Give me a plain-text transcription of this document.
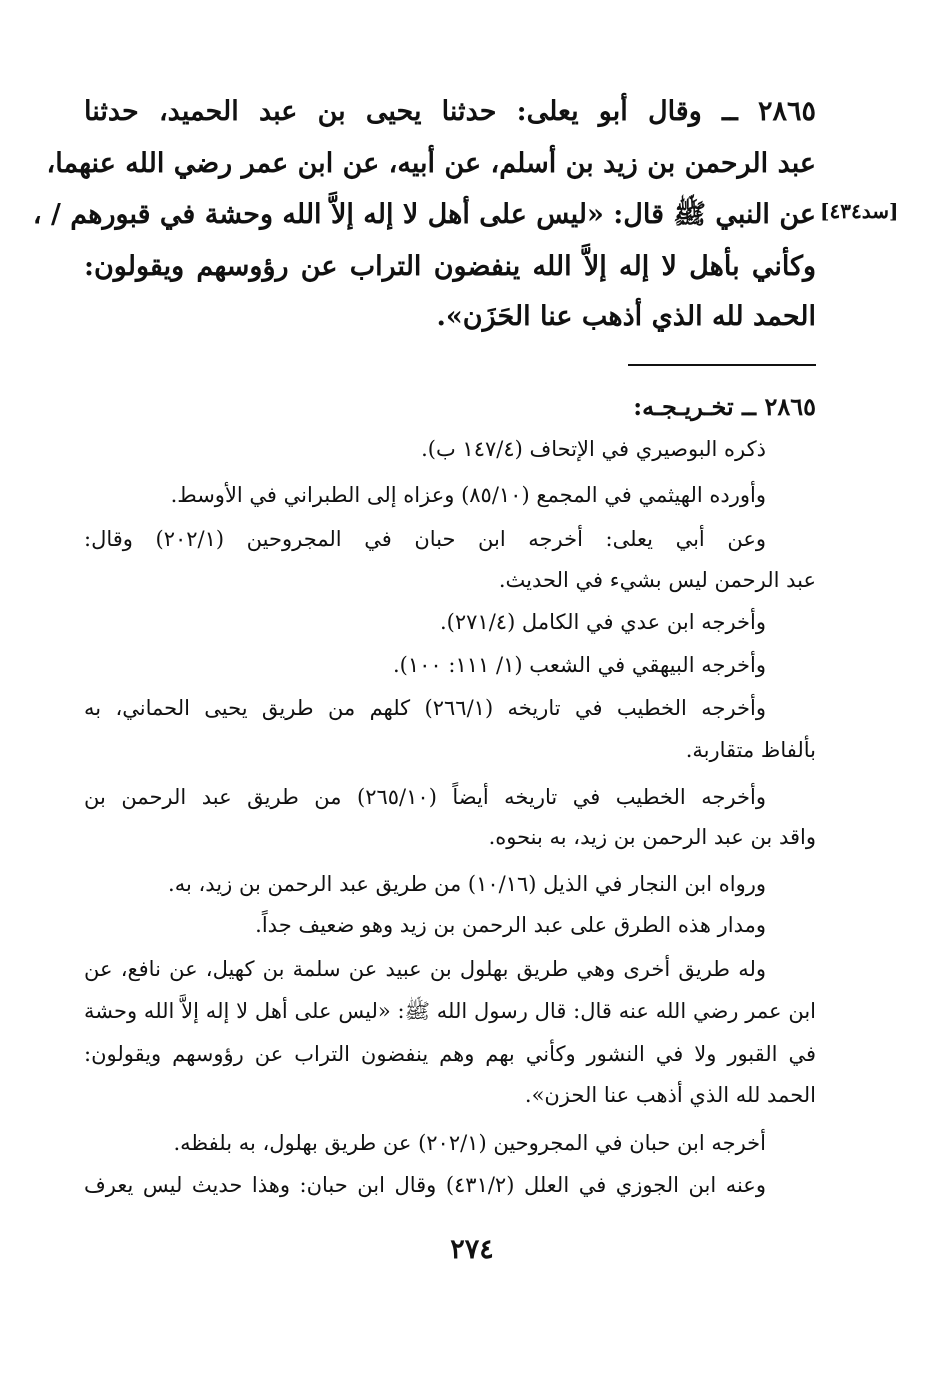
٢٨٦٥ ــ وقال أبو يعلى: حدثنا يحيى بن عبد الحميد، حدثنا
عبد الرحمن بن زيد بن أسلم، عن أبيه، عن ابن عمر رضي الله عنهما،
عن النبي ﷺ قال: «ليس على أهل لا إله إلاَّ الله وحشة في قبورهم / ، [سد٤٣٤]
وكأني بأهل لا إله إلاَّ الله ينفضون التراب عن رؤوسهم ويقولون:
الحمد لله الذي أذهب عنا الحَزَن».
٢٨٦٥ ــ تخـريـجـه:
ذكره البوصيري في الإتحاف (١٤٧/٤ ب).
وأورده الهيثمي في المجمع (٨٥/١٠) وعزاه إلى الطبراني في الأوسط.
وعن أبي يعلى: أخرجه ابن حبان في المجروحين (٢٠٢/١) وقال:
عبد الرحمن ليس بشيء في الحديث.
وأخرجه ابن عدي في الكامل (٢٧١/٤).
وأخرجه البيهقي في الشعب (١/ ١١١: ١٠٠).
وأخرجه الخطيب في تاريخه (٢٦٦/١) كلهم من طريق يحيى الحماني، به
بألفاظ متقاربة.
وأخرجه الخطيب في تاريخه أيضاً (٢٦٥/١٠) من طريق عبد الرحمن بن
واقد بن عبد الرحمن بن زيد، به بنحوه.
ورواه ابن النجار في الذيل (١٠/١٦) من طريق عبد الرحمن بن زيد، به.
ومدار هذه الطرق على عبد الرحمن بن زيد وهو ضعيف جداً.
وله طريق أخرى وهي طريق بهلول بن عبيد عن سلمة بن كهيل، عن نافع، عن
ابن عمر رضي الله عنه قال: قال رسول الله ﷺ: «ليس على أهل لا إله إلاَّ الله وحشة
في القبور ولا في النشور وكأني بهم وهم ينفضون التراب عن رؤوسهم ويقولون:
الحمد لله الذي أذهب عنا الحزن».
أخرجه ابن حبان في المجروحين (٢٠٢/١) عن طريق بهلول، به بلفظه.
وعنه ابن الجوزي في العلل (٤٣١/٢) وقال ابن حبان: وهذا حديث ليس يعرف
٢٧٤
